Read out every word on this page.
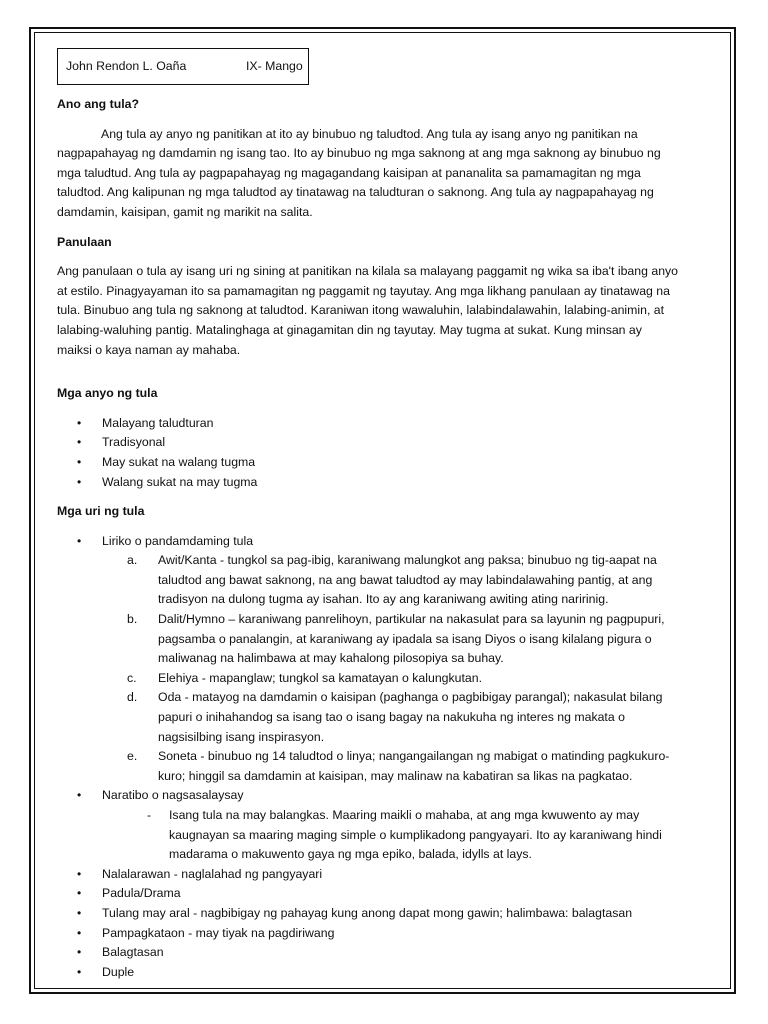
John Rendon L. Oaña	IX- Mango

Ano ang tula?

Ang tula ay anyo ng panitikan at ito ay binubuo ng taludtod. Ang tula ay isang anyo ng panitikan na nagpapahayag ng damdamin ng isang tao. Ito ay binubuo ng mga saknong at ang mga saknong ay binubuo ng mga taludtud. Ang tula ay pagpapahayag ng magagandang kaisipan at pananalita sa pamamagitan ng mga taludtod. Ang kalipunan ng mga taludtod ay tinatawag na taludturan o saknong. Ang tula ay nagpapahayag ng damdamin, kaisipan, gamit ng marikit na salita.

Panulaan

Ang panulaan o tula ay isang uri ng sining at panitikan na kilala sa malayang paggamit ng wika sa iba't ibang anyo at estilo. Pinagyayaman ito sa pamamagitan ng paggamit ng tayutay. Ang mga likhang panulaan ay tinatawag na tula. Binubuo ang tula ng saknong at taludtod. Karaniwan itong wawaluhin, lalabindalawahin, lalabing-animin, at lalabing-waluhing pantig. Matalinghaga at ginagamitan din ng tayutay. May tugma at sukat. Kung minsan ay maiksi o kaya naman ay mahaba.

Mga anyo ng tula

• Malayang taludturan
• Tradisyonal
• May sukat na walang tugma
• Walang sukat na may tugma

Mga uri ng tula

• Liriko o pandamdaming tula
a. Awit/Kanta - tungkol sa pag-ibig, karaniwang malungkot ang paksa; binubuo ng tig-aapat na taludtod ang bawat saknong, na ang bawat taludtod ay may labindalawahing pantig, at ang tradisyon na dulong tugma ay isahan. Ito ay ang karaniwang awiting ating naririnig.
b. Dalit/Hymno – karaniwang panrelihoyn, partikular na nakasulat para sa layunin ng pagpupuri, pagsamba o panalangin, at karaniwang ay ipadala sa isang Diyos o isang kilalang pigura o maliwanag na halimbawa at may kahalong pilosopiya sa buhay.
c. Elehiya - mapanglaw; tungkol sa kamatayan o kalungkutan.
d. Oda - matayog na damdamin o kaisipan (paghanga o pagbibigay parangal); nakasulat bilang papuri o inihahandog sa isang tao o isang bagay na nakukuha ng interes ng makata o nagsisilbing isang inspirasyon.
e. Soneta - binubuo ng 14 taludtod o linya; nangangailangan ng mabigat o matinding pagkukuro-kuro; hinggil sa damdamin at kaisipan, may malinaw na kabatiran sa likas na pagkatao.
• Naratibo o nagsasalaysay
- Isang tula na may balangkas. Maaring maikli o mahaba, at ang mga kwuwento ay may kaugnayan sa maaring maging simple o kumplikadong pangyayari. Ito ay karaniwang hindi madarama o makuwento gaya ng mga epiko, balada, idylls at lays.
• Nalalarawan - naglalahad ng pangyayari
• Padula/Drama
• Tulang may aral - nagbibigay ng pahayag kung anong dapat mong gawin; halimbawa: balagtasan
• Pampagkataon - may tiyak na pagdiriwang
• Balagtasan
• Duple
